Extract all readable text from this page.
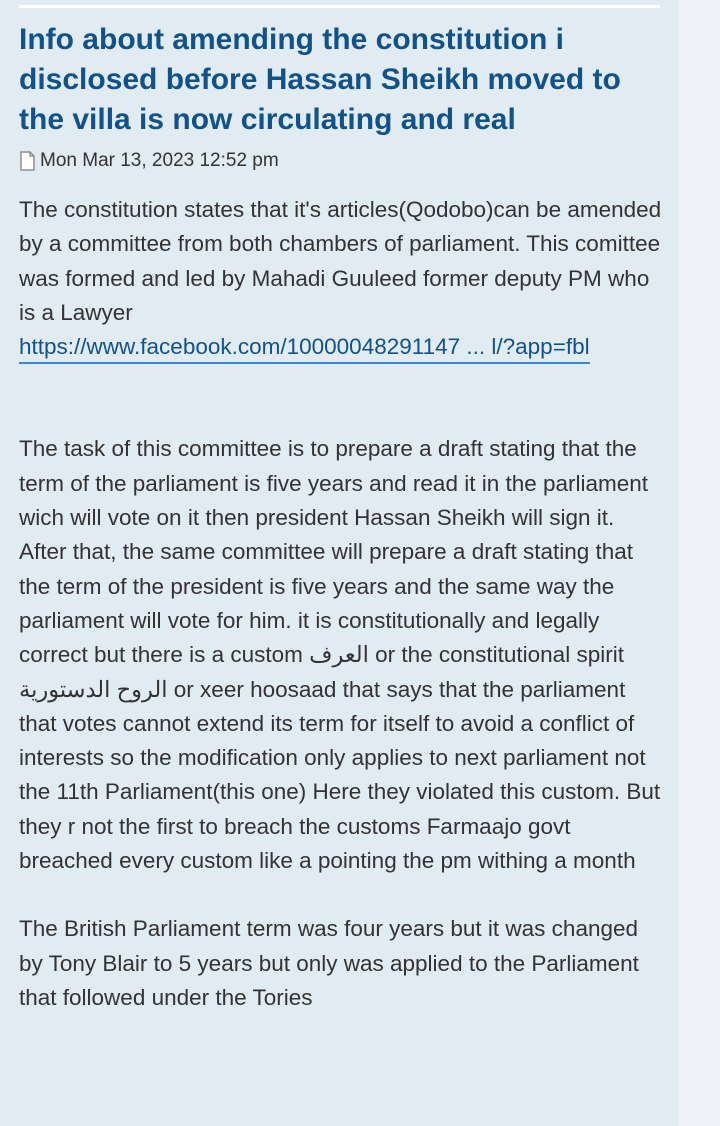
Info about amending the constitution i disclosed before Hassan Sheikh moved to the villa is now circulating and real
Mon Mar 13, 2023 12:52 pm

The constitution states that it's articles(Qodobo)can be amended by a committee from both chambers of parliament. This comittee was formed and led by Mahadi Guuleed former deputy PM who is a Lawyer

https://www.facebook.com/10000048291147 ... l/?app=fbl

The task of this committee is to prepare a draft stating that the term of the parliament is five years and read it in the parliament wich will vote on it then president Hassan Sheikh will sign it. After that, the same committee will prepare a draft stating that the term of the president is five years and the same way the parliament will vote for him. it is constitutionally and legally correct but there is a custom العرف or the constitutional spirit الروح الدستورية or xeer hoosaad that says that the parliament that votes cannot extend its term for itself to avoid a conflict of interests so the modification only applies to next parliament not the 11th Parliament(this one) Here they violated this custom. But they r not the first to breach the customs Farmaajo govt breached every custom like a pointing the pm withing a month

The British Parliament term was four years but it was changed by Tony Blair to 5 years but only was applied to the Parliament that followed under the Tories
